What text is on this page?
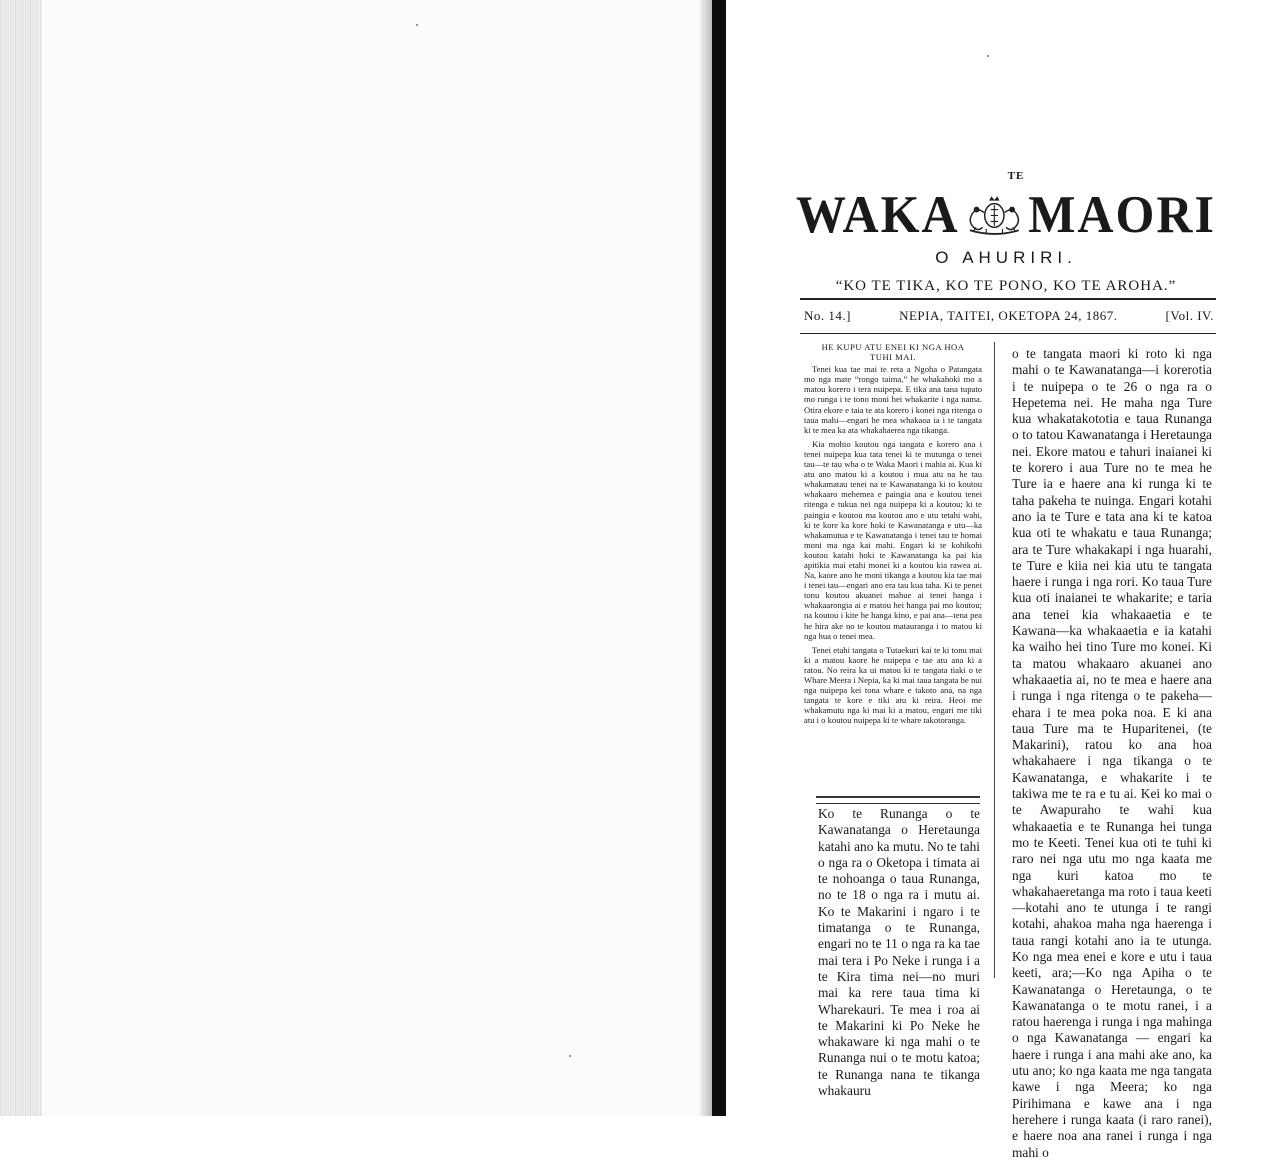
TE
WAKA MAORI
O AHURIRI.
“KO TE TIKA, KO TE PONO, KO TE AROHA.”
No. 14.]	NEPIA, TAITEI, OKETOPA 24, 1867.	[Vol. IV.
HE KUPU ATU ENEI KI NGA HOA
TUHI MAI.

Tenei kua tae mai te reta a Ngoha o Patangata mo nga mate “rongo taima,” he whakahoki mo a matou korero i tera nuipepa. E tika ana tana tupato mo runga i te tono moni hei whakarite i nga nama. Otira ekore e taia te ata korero i konei nga ritenga o taua mahi—engari he mea whakaoa ia i te tangata ki te mea ka ata whakahaerea nga tikanga.

Kia mohio koutou nga tangata e korero ana i tenei nuipepa kua tata tenei ki te mutunga o tenei tau—te tau wha o te Waka Maori i mahia ai. Kua ki atu ano matou ki a koutou i mua atu na he tau whakamatau tenei na te Kawanatanga ki to koutou whakaaro mehemea e paingia ana e koutou tenei ritenga e tukua nei nga nuipepa ki a koutou; ki te paingia e koutou ma koutou ano e utu tetahi wahi, ki te kore ka kore hoki te Kawanatanga e utu—ka whakamutua e te Kawanatanga i tenei tau te homai moni ma nga kai mahi. Engari ki te kohikohi koutou katahi hoki te Kawanatanga ka pai kia apitikia mai etahi monei ki a koutou kia rawea ai. Na, kaore ano he moni tikanga a koutou kia tae mai i tenei tau—engari ano era tau kua taha. Ki te penei tonu koutou akuanei mahue ai tenei hanga i whakaarongia ai e matou hei hanga pai mo koutou; na koutou i kite he hanga kino, e pai ana—tena pea he hira ake no te koutou matauranga i to matou ki nga hua o tenei mea.

Tenei etahi tangata o Tutaekuri kai te ki tonu mai ki a matou kaore he nuipepa e tae atu ana ki a ratou. No reira ka ui matou ki te tangata tiaki o te Whare Meera i Nepia, ka ki mai taua tangata he nui nga nuipepa kei tona whare e takoto ana, na nga tangata te kore e tiki atu ki reira. Heoi me whakamutu nga ki mai ki a matou, engari me tiki atu i o koutou nuipepa ki te whare takotoranga.

Ko te Runanga o te Kawanatanga o Heretaunga katahi ano ka mutu. No te tahi o nga ra o Oketopa i timata ai te nohoanga o taua Runanga, no te 18 o nga ra i mutu ai. Ko te Makarini i ngaro i te timatanga o te Runanga, engari no te 11 o nga ra ka tae mai tera i Po Neke i runga i a te Kira tima nei—no muri mai ka rere taua tima ki Wharekauri. Te mea i roa ai te Makarini ki Po Neke he whakaware ki nga mahi o te Runanga nui o te motu katoa; te Runanga nana te tikanga whakauru

o te tangata maori ki roto ki nga mahi o te Kawanatanga—i korerotia i te nuipepa o te 26 o nga ra o Hepetema nei. He maha nga Ture kua whakatakototia e taua Runanga o to tatou Kawanatanga i Heretaunga nei. Ekore matou e tahuri inaianei ki te korero i aua Ture no te mea he Ture ia e haere ana ki runga ki te taha pakeha te nuinga. Engari kotahi ano ia te Ture e tata ana ki te katoa kua oti te whakatu e taua Runanga; ara te Ture whakakapi i nga huarahi, te Ture e kiia nei kia utu te tangata haere i runga i nga rori. Ko taua Ture kua oti inaianei te whakarite; e taria ana tenei kia whakaaetia e te Kawana—ka whakaaetia e ia katahi ka waiho hei tino Ture mo konei. Ki ta matou whakaaro akuanei ano whakaaetia ai, no te mea e haere ana i runga i nga ritenga o te pakeha—ehara i te mea poka noa. E ki ana taua Ture ma te Huparitenei, (te Makarini), ratou ko ana hoa whakahaere i nga tikanga o te Kawanatanga, e whakarite i te takiwa me te ra e tu ai. Kei ko mai o te Awapuraho te wahi kua whakaaetia e te Runanga hei tunga mo te Keeti. Tenei kua oti te tuhi ki raro nei nga utu mo nga kaata me nga kuri katoa mo te whakahaeretanga ma roto i taua keeti—kotahi ano te utunga i te rangi kotahi, ahakoa maha nga haerenga i taua rangi kotahi ano ia te utunga. Ko nga mea enei e kore e utu i taua keeti, ara;—Ko nga Apiha o te Kawanatanga o Heretaunga, o te Kawanatanga o te motu ranei, i a ratou haerenga i runga i nga mahinga o nga Kawanatanga — engari ka haere i runga i ana mahi ake ano, ka utu ano; ko nga kaata me nga tangata kawe i nga Meera; ko nga Pirihimana e kawe ana i nga herehere i runga kaata (i raro ranei), e haere noa ana ranei i runga i nga mahi o
